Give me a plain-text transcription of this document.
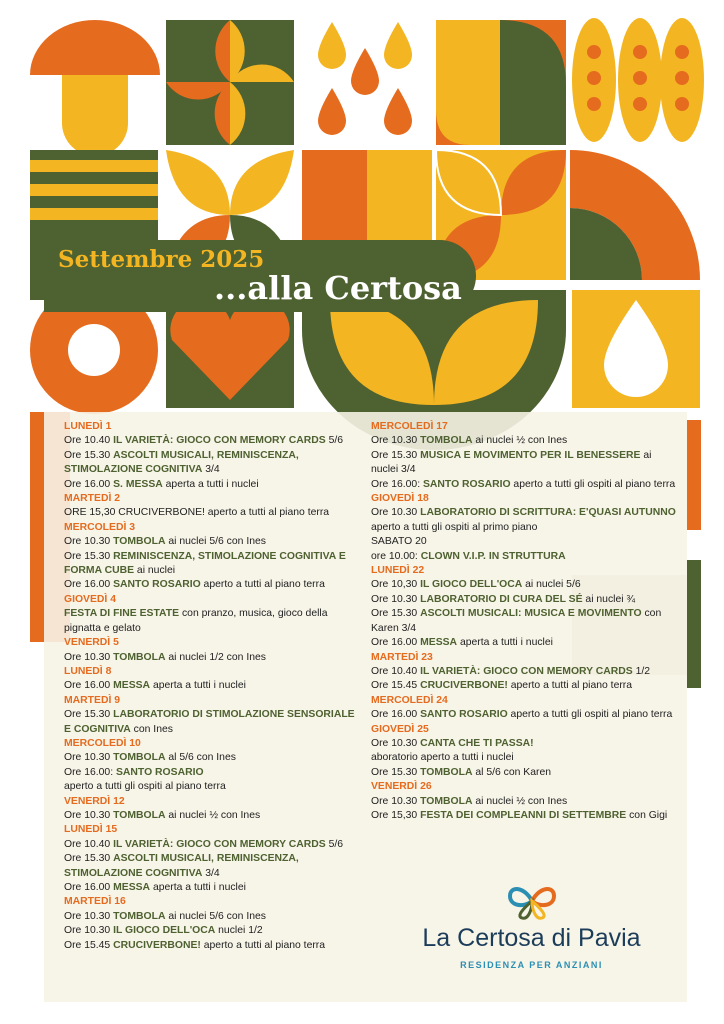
Settembre 2025
...alla Certosa
LUNEDÌ 1
Ore 10.40 IL VARIETÀ: GIOCO CON MEMORY CARDS 5/6
Ore 15.30 ASCOLTI MUSICALI, REMINISCENZA, STIMOLAZIONE COGNITIVA 3/4
Ore 16.00 S. MESSA aperta a tutti i nuclei
MARTEDÌ 2
ORE 15,30 CRUCIVERBONE! aperto a tutti al piano terra
MERCOLEDÌ 3
Ore 10.30 TOMBOLA ai nuclei 5/6 con Ines
Ore 15.30 REMINISCENZA, STIMOLAZIONE COGNITIVA E FORMA CUBE ai nuclei
Ore 16.00 SANTO ROSARIO aperto a tutti al piano terra
GIOVEDÌ 4
FESTA DI FINE ESTATE con pranzo, musica, gioco della pignatta e gelato
VENERDÌ 5
Ore 10.30 TOMBOLA ai nuclei 1/2 con Ines
LUNEDÌ 8
Ore 16.00 MESSA aperta a tutti i nuclei
MARTEDÌ 9
Ore 15.30 LABORATORIO DI STIMOLAZIONE SENSORIALE E COGNITIVA con Ines
MERCOLEDÌ 10
Ore 10.30 TOMBOLA al 5/6 con Ines
Ore 16.00: SANTO ROSARIO
aperto a tutti gli ospiti al piano terra
VENERDÌ 12
Ore 10.30 TOMBOLA ai nuclei ½ con Ines
LUNEDÌ 15
Ore 10.40 IL VARIETÀ: GIOCO CON MEMORY CARDS 5/6
Ore 15.30 ASCOLTI MUSICALI, REMINISCENZA, STIMOLAZIONE COGNITIVA 3/4
Ore 16.00 MESSA aperta a tutti i nuclei
MARTEDÌ 16
Ore 10.30 TOMBOLA ai nuclei 5/6 con Ines
Ore 10.30 IL GIOCO DELL'OCA nuclei 1/2
Ore 15.45 CRUCIVERBONE! aperto a tutti al piano terra
MERCOLEDÌ 17
Ore 10.30 TOMBOLA ai nuclei ½ con Ines
Ore 15.30 MUSICA E MOVIMENTO PER IL BENESSERE ai nuclei 3/4
Ore 16.00: SANTO ROSARIO aperto a tutti gli ospiti al piano terra
GIOVEDÌ 18
Ore 10.30 LABORATORIO DI SCRITTURA: E'QUASI AUTUNNO aperto a tutti gli ospiti al primo piano
SABATO 20
ore 10.00: CLOWN V.I.P. IN STRUTTURA
LUNEDÌ 22
Ore 10,30 IL GIOCO DELL'OCA ai nuclei 5/6
Ore 10.30 LABORATORIO DI CURA DEL SÉ ai nuclei ¾
Ore 15.30 ASCOLTI MUSICALI: MUSICA E MOVIMENTO con Karen 3/4
Ore 16.00 MESSA aperta a tutti i nuclei
MARTEDÌ 23
Ore 10.40 IL VARIETÀ: GIOCO CON MEMORY CARDS 1/2
Ore 15.45 CRUCIVERBONE! aperto a tutti al piano terra
MERCOLEDÌ 24
Ore 16.00 SANTO ROSARIO aperto a tutti gli ospiti al piano terra
GIOVEDÌ 25
Ore 10.30 CANTA CHE TI PASSA!
aboratorio aperto a tutti i nuclei
Ore 15.30 TOMBOLA al 5/6 con Karen
VENERDÌ 26
Ore 10.30 TOMBOLA ai nuclei ½ con Ines
Ore 15,30 FESTA DEI COMPLEANNI DI SETTEMBRE con Gigi

La Certosa di Pavia

RESIDENZA PER ANZIANI
